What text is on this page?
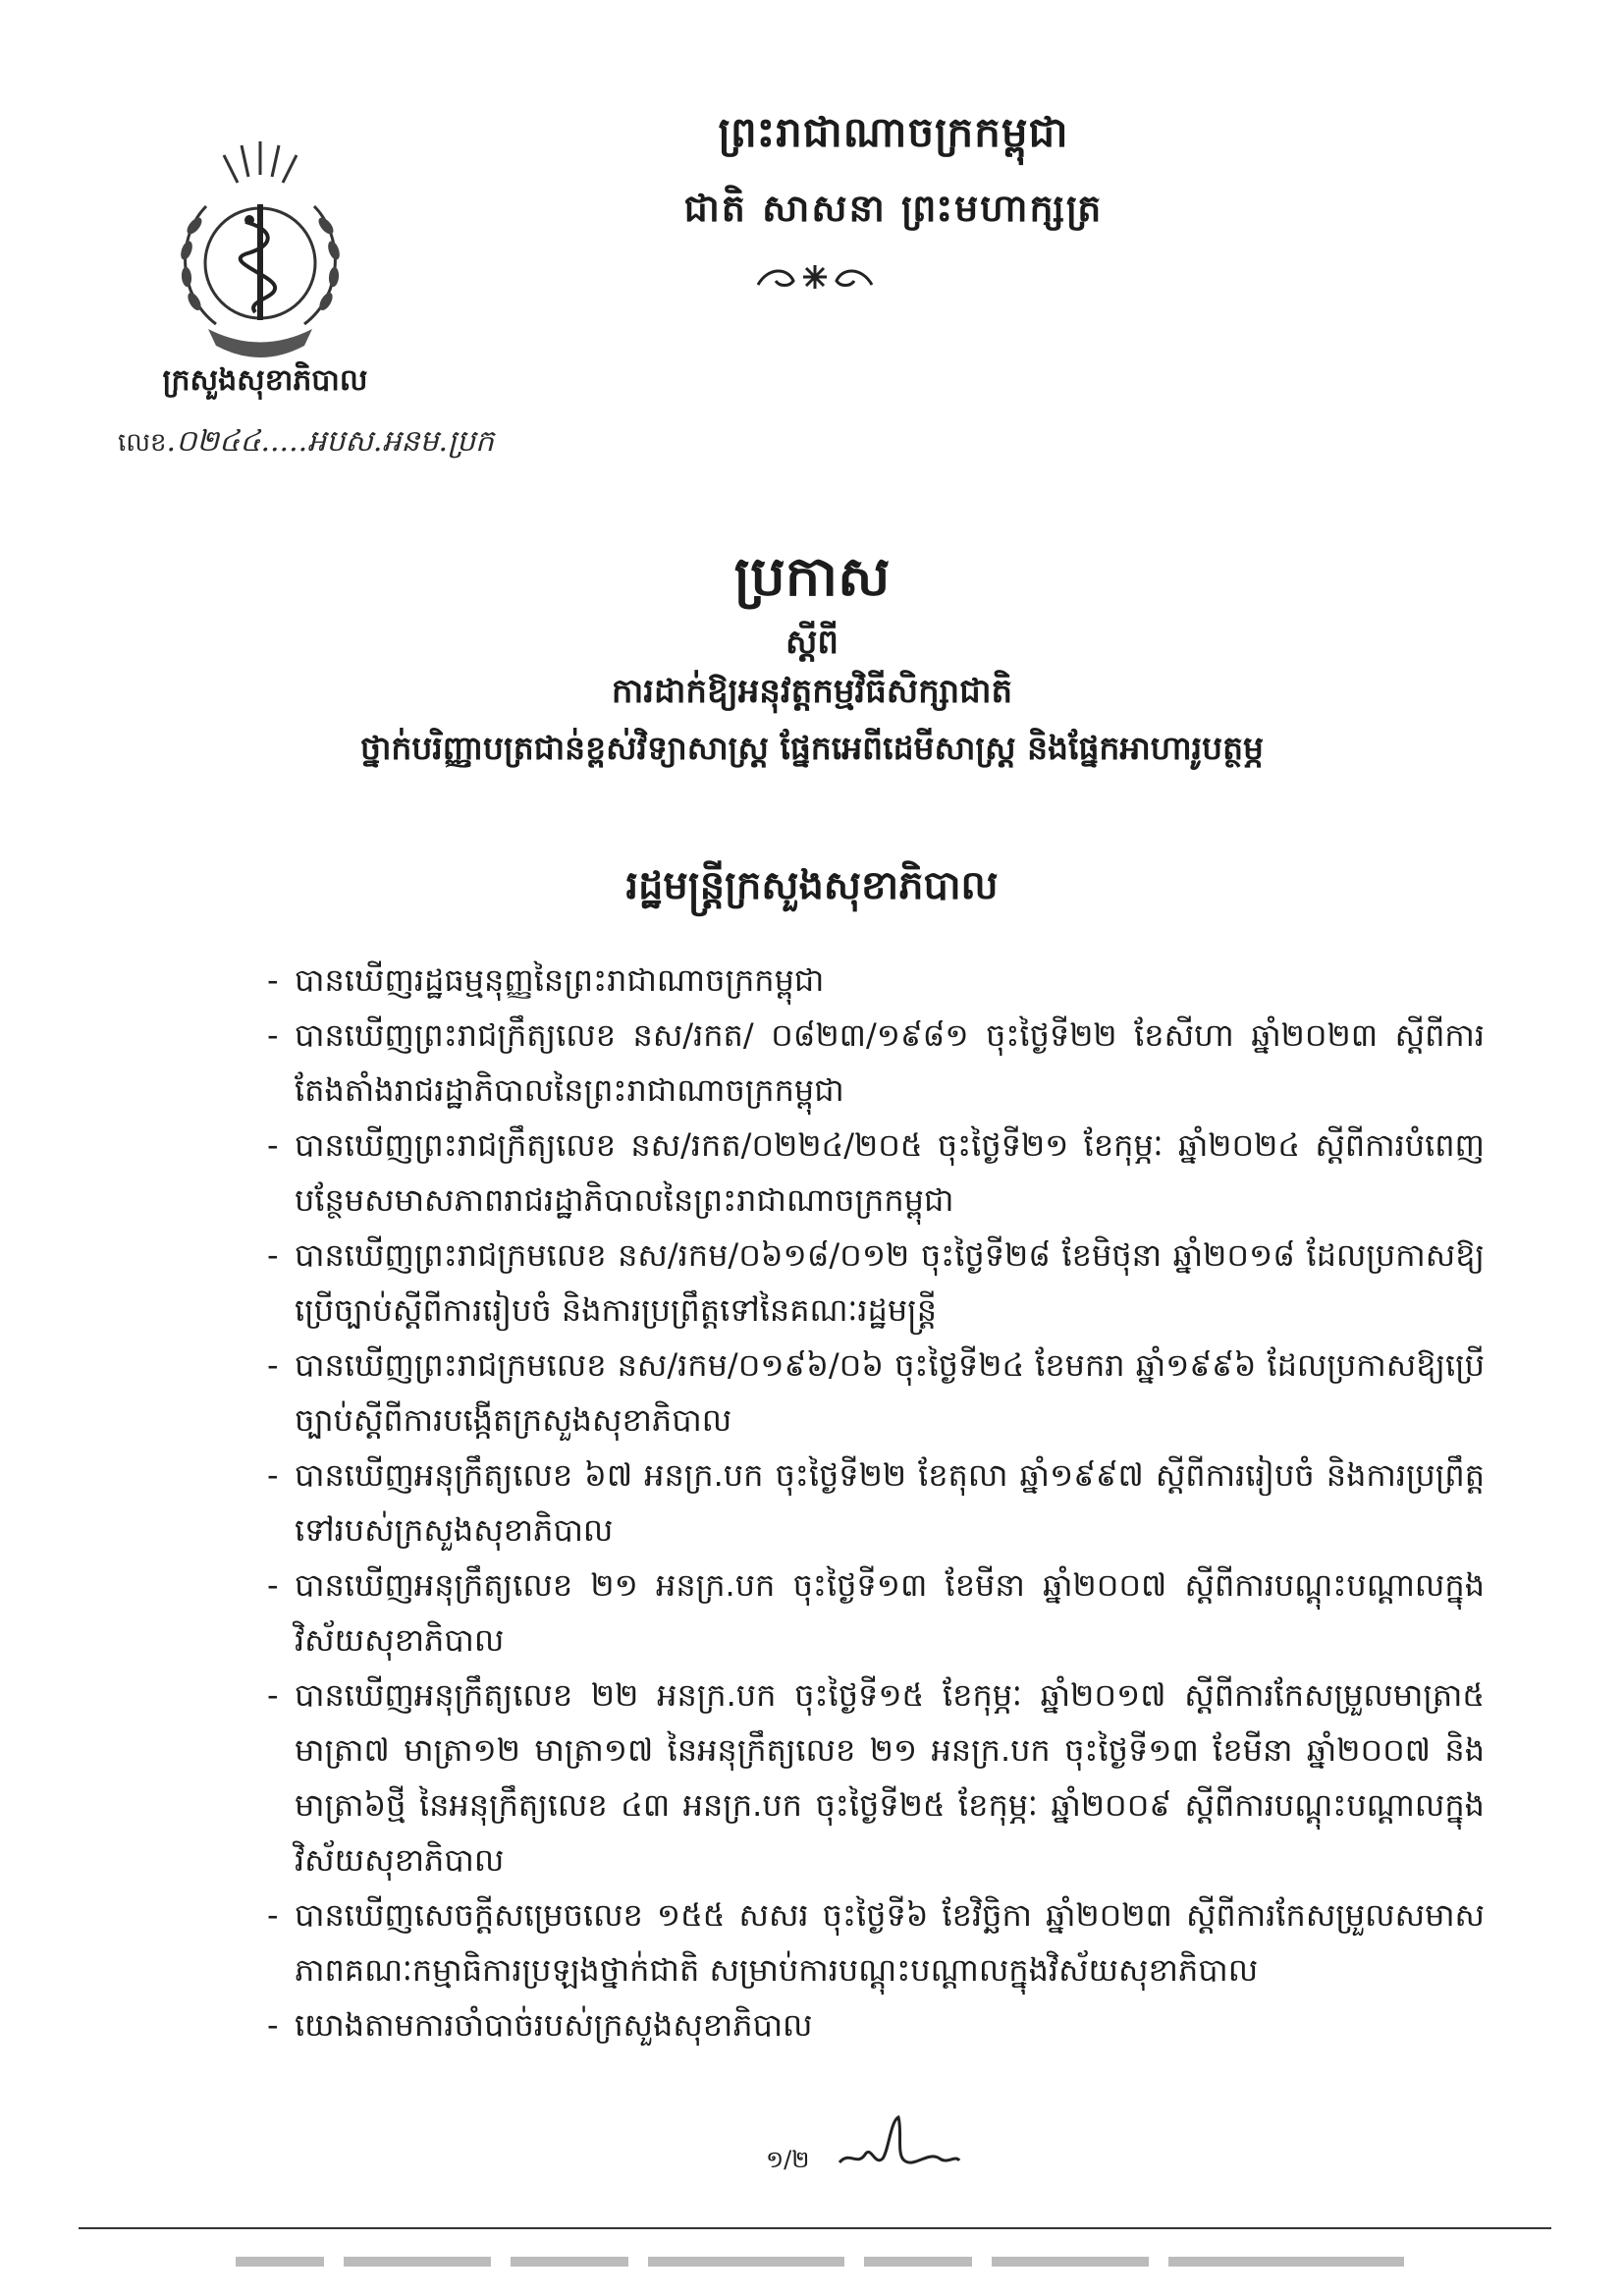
ព្រះរាជាណាចក្រកម្ពុជា
ជាតិ សាសនា ព្រះមហាក្សត្រ
ក្រសួងសុខាភិបាល
លេខ.០២៤៤.....អបស.អនម.ប្រក
ប្រកាស
ស្ដីពី
ការដាក់ឱ្យអនុវត្តកម្មវិធីសិក្សាជាតិ
ថ្នាក់បរិញ្ញាបត្រជាន់ខ្ពស់វិទ្យាសាស្ត្រ ផ្នែកអេពីដេមីសាស្ត្រ និងផ្នែកអាហារូបត្ថម្ភ
រដ្ឋមន្ត្រីក្រសួងសុខាភិបាល
- បានឃើញរដ្ឋធម្មនុញ្ញនៃព្រះរាជាណាចក្រកម្ពុជា
- បានឃើញព្រះរាជក្រឹត្យលេខ នស/រកត/ ០៨២៣/១៩៨១ ចុះថ្ងៃទី២២ ខែសីហា ឆ្នាំ២០២៣ ស្ដីពីការតែងតាំងរាជរដ្ឋាភិបាលនៃព្រះរាជាណាចក្រកម្ពុជា
- បានឃើញព្រះរាជក្រឹត្យលេខ នស/រកត/០២២៤/២០៥ ចុះថ្ងៃទី២១ ខែកុម្ភៈ ឆ្នាំ២០២៤ ស្ដីពីការបំពេញ បន្ថែមសមាសភាពរាជរដ្ឋាភិបាលនៃព្រះរាជាណាចក្រកម្ពុជា
- បានឃើញព្រះរាជក្រមលេខ នស/រកម/០៦១៨/០១២ ចុះថ្ងៃទី២៨ ខែមិថុនា ឆ្នាំ២០១៨ ដែលប្រកាសឱ្យប្រើច្បាប់ស្ដីពីការរៀបចំ និងការប្រព្រឹត្តទៅនៃគណៈរដ្ឋមន្ត្រី
- បានឃើញព្រះរាជក្រមលេខ នស/រកម/០១៩៦/០៦ ចុះថ្ងៃទី២៤ ខែមករា ឆ្នាំ១៩៩៦ ដែលប្រកាសឱ្យប្រើច្បាប់ស្ដីពីការបង្កើតក្រសួងសុខាភិបាល
- បានឃើញអនុក្រឹត្យលេខ ៦៧ អនក្រ.បក ចុះថ្ងៃទី២២ ខែតុលា ឆ្នាំ១៩៩៧ ស្ដីពីការរៀបចំ និងការប្រព្រឹត្តទៅរបស់ក្រសួងសុខាភិបាល
- បានឃើញអនុក្រឹត្យលេខ ២១ អនក្រ.បក ចុះថ្ងៃទី១៣ ខែមីនា ឆ្នាំ២០០៧ ស្ដីពីការបណ្ដុះបណ្ដាលក្នុងវិស័យសុខាភិបាល
- បានឃើញអនុក្រឹត្យលេខ ២២ អនក្រ.បក ចុះថ្ងៃទី១៥ ខែកុម្ភៈ ឆ្នាំ២០១៧ ស្ដីពីការកែសម្រួលមាត្រា៥ មាត្រា៧ មាត្រា១២ មាត្រា១៧ នៃអនុក្រឹត្យលេខ ២១ អនក្រ.បក ចុះថ្ងៃទី១៣ ខែមីនា ឆ្នាំ២០០៧ និងមាត្រា៦ថ្មី នៃអនុក្រឹត្យលេខ ៤៣ អនក្រ.បក ចុះថ្ងៃទី២៥ ខែកុម្ភៈ ឆ្នាំ២០០៩ ស្ដីពីការបណ្ដុះបណ្ដាលក្នុងវិស័យសុខាភិបាល
- បានឃើញសេចក្ដីសម្រេចលេខ ១៥៥ សសរ ចុះថ្ងៃទី៦ ខែវិច្ឆិកា ឆ្នាំ២០២៣ ស្ដីពីការកែសម្រួលសមាសភាពគណៈកម្មាធិការប្រឡងថ្នាក់ជាតិ សម្រាប់ការបណ្ដុះបណ្ដាលក្នុងវិស័យសុខាភិបាល
- យោងតាមការចាំបាច់របស់ក្រសួងសុខាភិបាល
១/២
